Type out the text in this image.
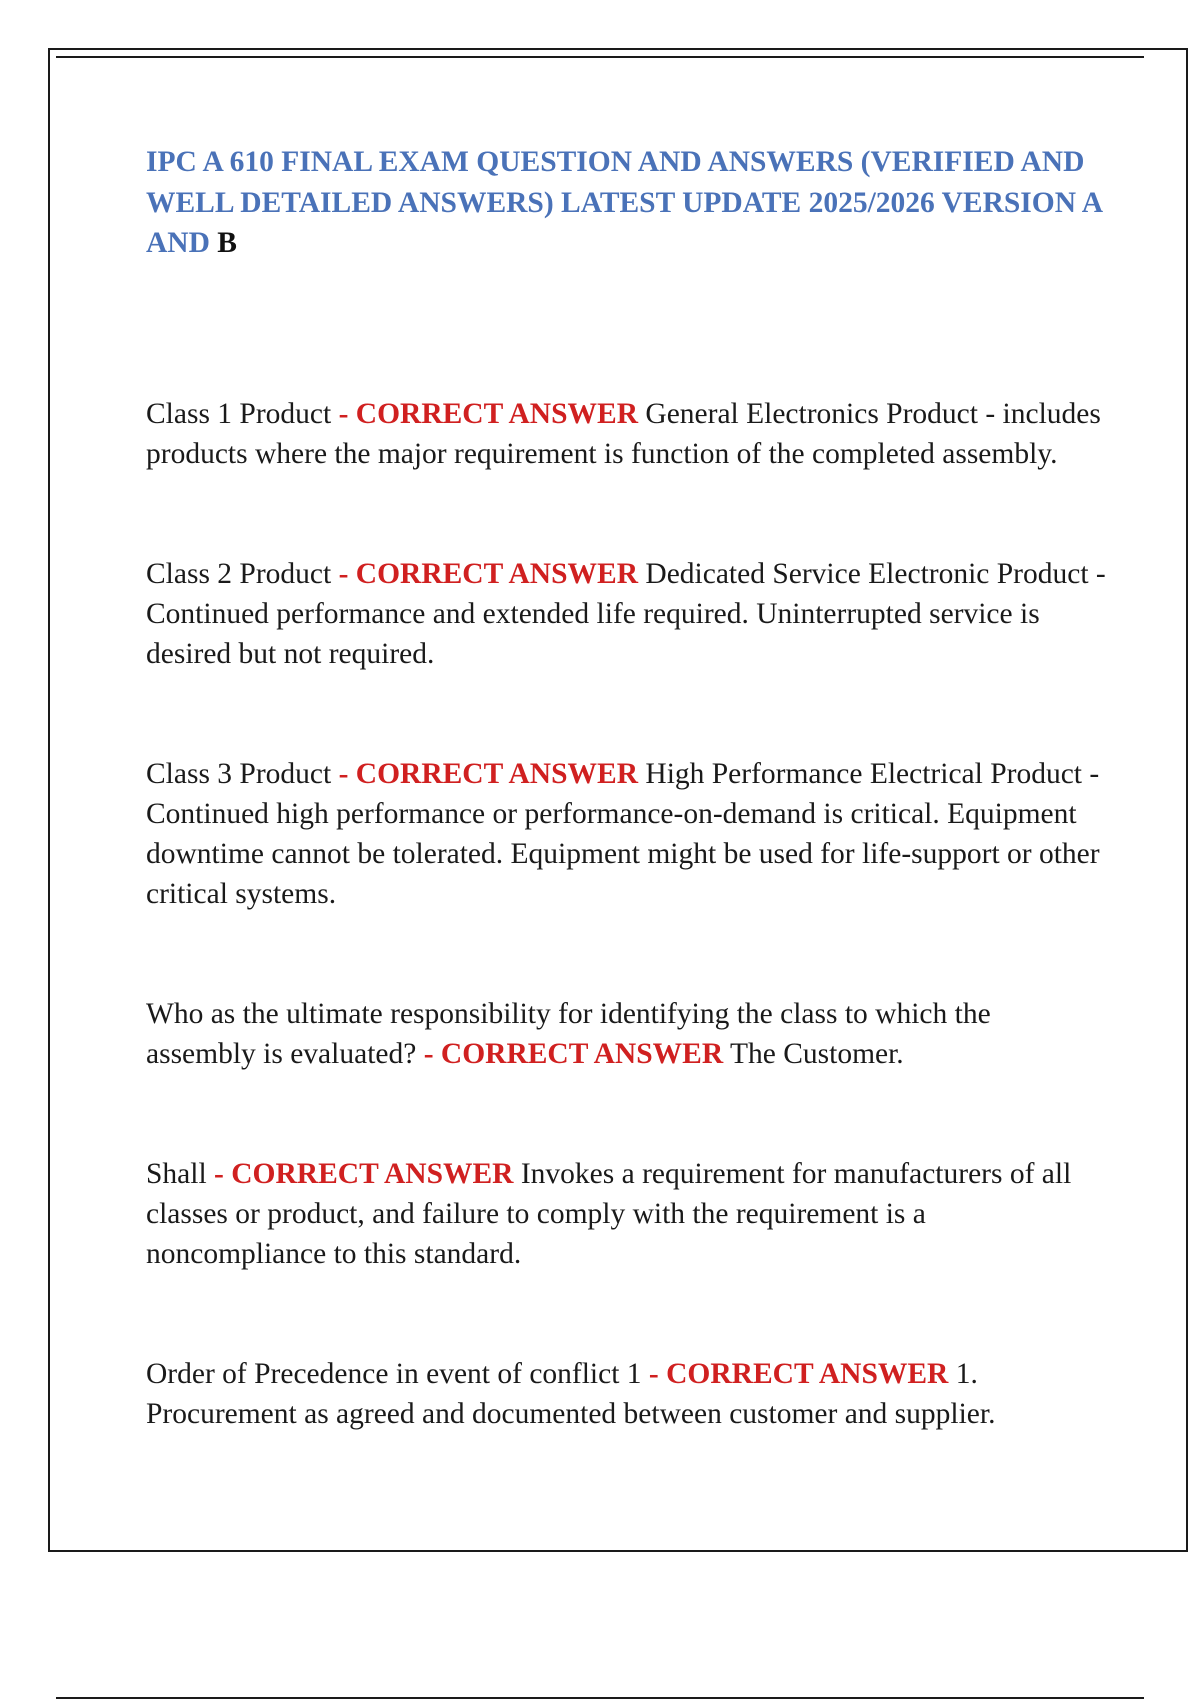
IPC A 610 FINAL EXAM QUESTION AND ANSWERS (VERIFIED AND WELL DETAILED ANSWERS) LATEST UPDATE 2025/2026 VERSION A AND B

Class 1 Product - CORRECT ANSWER General Electronics Product - includes products where the major requirement is function of the completed assembly.

Class 2 Product - CORRECT ANSWER Dedicated Service Electronic Product - Continued performance and extended life required. Uninterrupted service is desired but not required.

Class 3 Product - CORRECT ANSWER High Performance Electrical Product - Continued high performance or performance-on-demand is critical. Equipment downtime cannot be tolerated. Equipment might be used for life-support or other critical systems.

Who as the ultimate responsibility for identifying the class to which the assembly is evaluated? - CORRECT ANSWER The Customer.

Shall - CORRECT ANSWER Invokes a requirement for manufacturers of all classes or product, and failure to comply with the requirement is a noncompliance to this standard.

Order of Precedence in event of conflict 1 - CORRECT ANSWER 1. Procurement as agreed and documented between customer and supplier.
